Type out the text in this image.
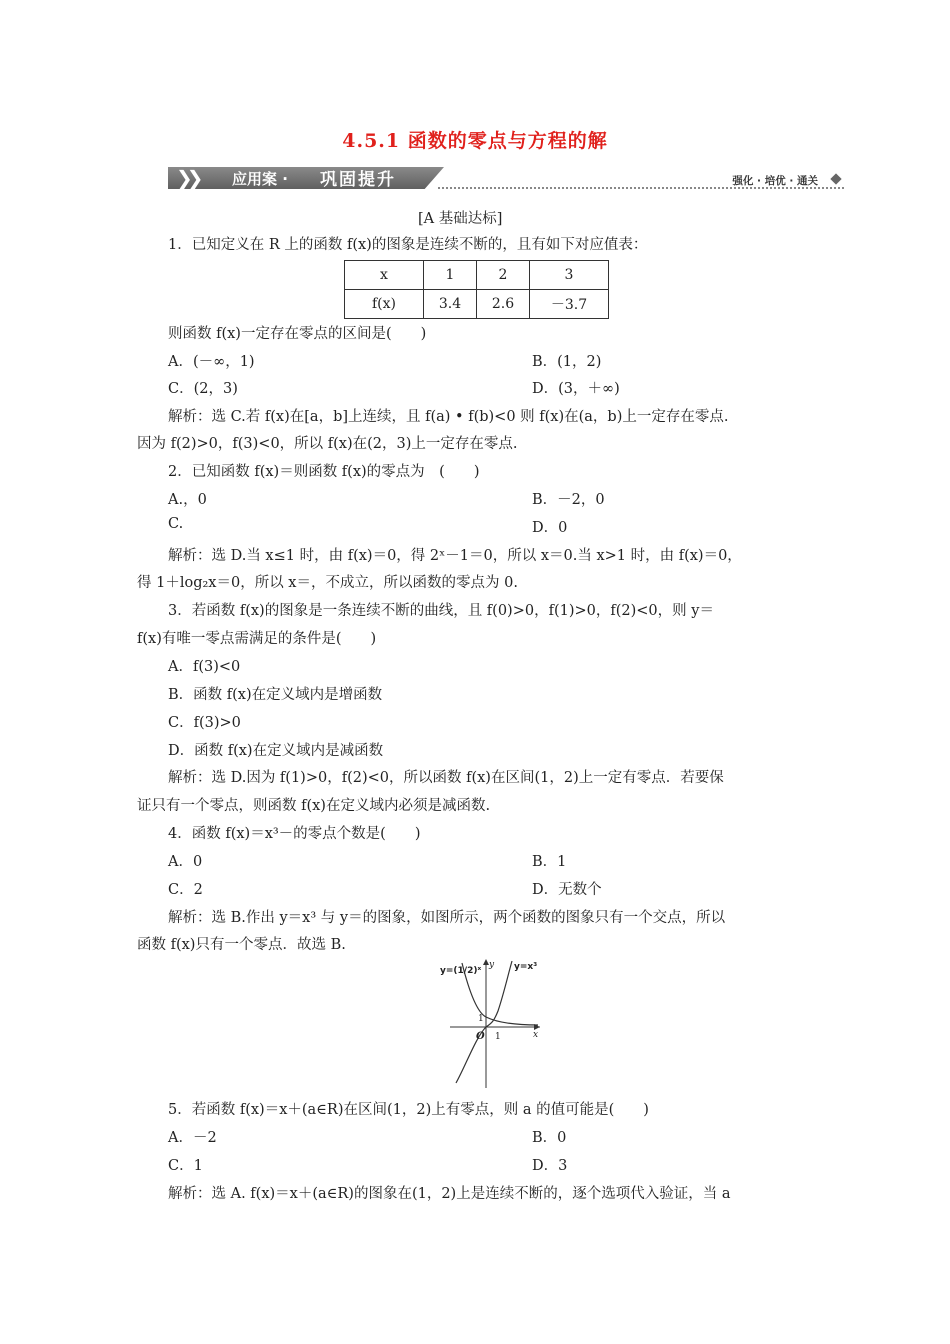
4.5.1 函数的零点与方程的解
❯❯ 应用案 · 巩固提升	强化 · 培优 · 通关
[A 基础达标]
1．已知定义在 R 上的函数 f(x)的图象是连续不断的，且有如下对应值表：
x	1	2	3
f(x)	3.4	2.6	－3.7
则函数 f(x)一定存在零点的区间是(　　)
A．(－∞，1)	B．(1，2)
C．(2，3)	D．(3，＋∞)
解析：选 C.若 f(x)在[a，b]上连续，且 f(a) • f(b)<0 则 f(x)在(a，b)上一定存在零点.
因为 f(2)>0，f(3)<0，所以 f(x)在(2，3)上一定存在零点.
2．已知函数 f(x)＝则函数 f(x)的零点为　(　　)
A.，0	B．－2，0
C.	D．0
解析：选 D.当 x≤1 时，由 f(x)＝0，得 2ˣ－1＝0，所以 x＝0.当 x>1 时，由 f(x)＝0，
得 1＋log₂x＝0，所以 x＝，不成立，所以函数的零点为 0.
3．若函数 f(x)的图象是一条连续不断的曲线，且 f(0)>0，f(1)>0，f(2)<0，则 y＝
f(x)有唯一零点需满足的条件是(　　)
A．f(3)<0
B．函数 f(x)在定义域内是增函数
C．f(3)>0
D．函数 f(x)在定义域内是减函数
解析：选 D.因为 f(1)>0，f(2)<0，所以函数 f(x)在区间(1，2)上一定有零点．若要保
证只有一个零点，则函数 f(x)在定义域内必须是减函数.
4．函数 f(x)＝x³－的零点个数是(　　)
A．0	B．1
C．2	D．无数个
解析：选 B.作出 y＝x³ 与 y＝的图象，如图所示，两个函数的图象只有一个交点，所以
函数 f(x)只有一个零点．故选 B.
y=(1/2)ˣ	y=x³
x
y
O 1
1
5．若函数 f(x)＝x＋(a∈R)在区间(1，2)上有零点，则 a 的值可能是(　　)
A．－2	B．0
C．1	D．3
解析：选 A. f(x)＝x＋(a∈R)的图象在(1，2)上是连续不断的，逐个选项代入验证，当 a
